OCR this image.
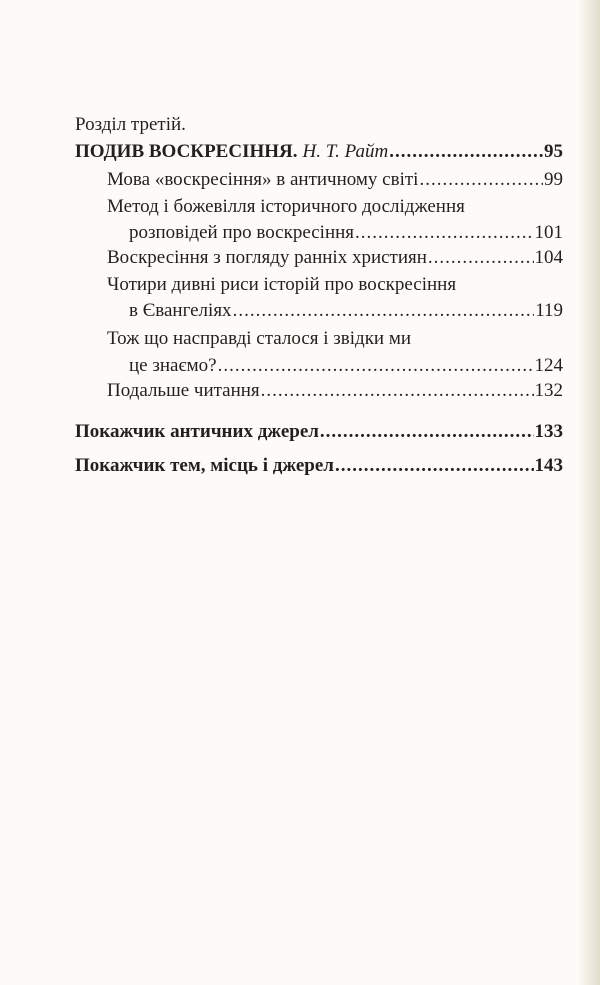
Розділ третій.
ПОДИВ ВОСКРЕСІННЯ. Н. Т. Райт .....	95
Мова «воскресіння» в античному світі .....	99
Метод і божевілля історичного дослідження
розповідей про воскресіння .....	101
Воскресіння з погляду ранніх християн .....	104
Чотири дивні риси історій про воскресіння
в Євангеліях .....	119
Тож що насправді сталося і звідки ми
це знаємо? .....	124
Подальше читання .....	132
Покажчик античних джерел .....	133
Покажчик тем, місць і джерел .....	143
